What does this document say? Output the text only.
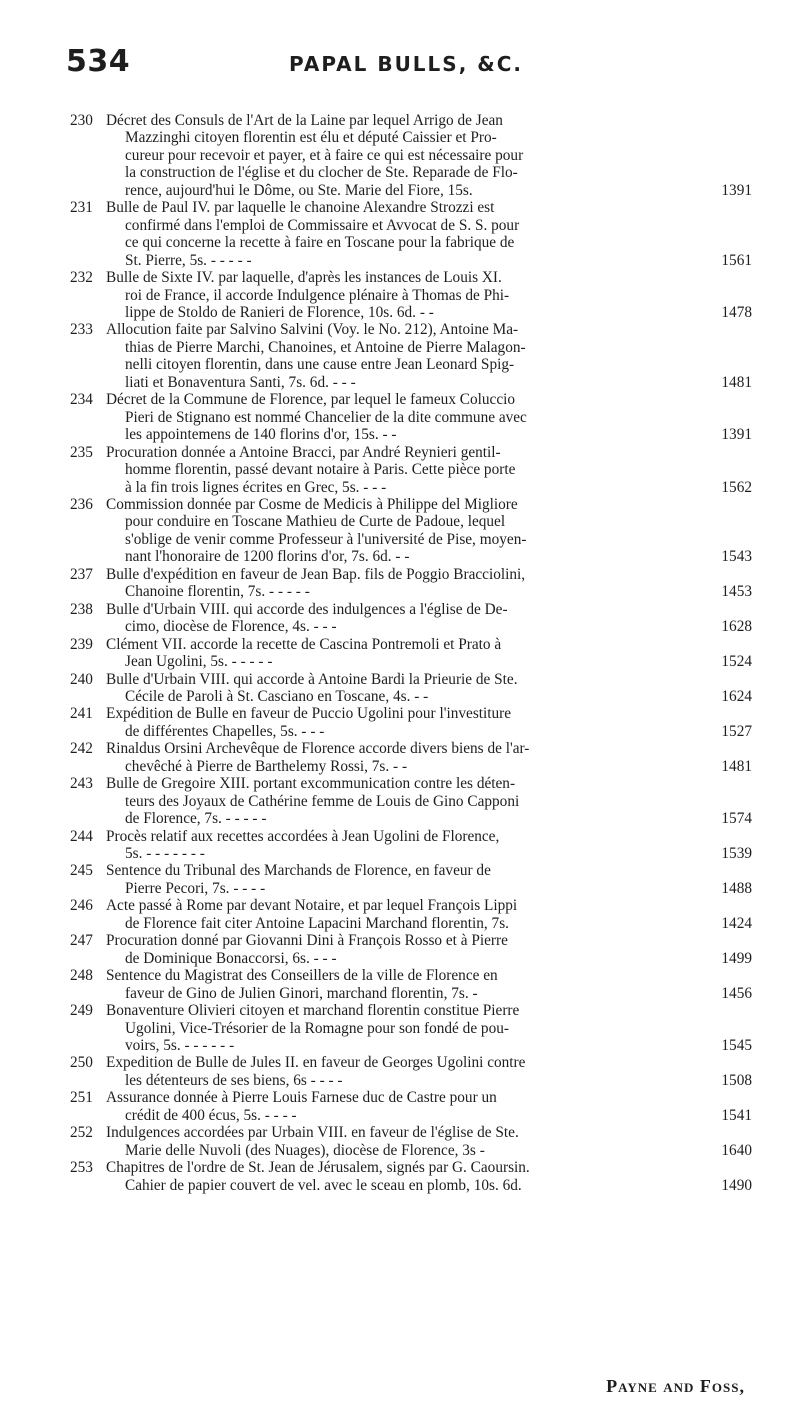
534	PAPAL BULLS, &C.
230 Décret des Consuls de l'Art de la Laine par lequel Arrigo de Jean
Mazzinghi citoyen florentin est élu et député Caissier et Pro-
cureur pour recevoir et payer, et à faire ce qui est nécessaire pour
la construction de l'église et du clocher de Ste. Reparade de Flo-
rence, aujourd'hui le Dôme, ou Ste. Marie del Fiore, 15s.	1391
231 Bulle de Paul IV. par laquelle le chanoine Alexandre Strozzi est
confirmé dans l'emploi de Commissaire et Avvocat de S. S. pour
ce qui concerne la recette à faire en Toscane pour la fabrique de
St. Pierre, 5s. - - - - -	1561
232 Bulle de Sixte IV. par laquelle, d'après les instances de Louis XI.
roi de France, il accorde Indulgence plénaire à Thomas de Phi-
lippe de Stoldo de Ranieri de Florence, 10s. 6d. - -	1478
233 Allocution faite par Salvino Salvini (Voy. le No. 212), Antoine Ma-
thias de Pierre Marchi, Chanoines, et Antoine de Pierre Malagon-
nelli citoyen florentin, dans une cause entre Jean Leonard Spig-
liati et Bonaventura Santi, 7s. 6d. - - -	1481
234 Décret de la Commune de Florence, par lequel le fameux Coluccio
Pieri de Stignano est nommé Chancelier de la dite commune avec
les appointemens de 140 florins d'or, 15s. - -	1391
235 Procuration donnée a Antoine Bracci, par André Reynieri gentil-
homme florentin, passé devant notaire à Paris. Cette pièce porte
à la fin trois lignes écrites en Grec, 5s. - - -	1562
236 Commission donnée par Cosme de Medicis à Philippe del Migliore
pour conduire en Toscane Mathieu de Curte de Padoue, lequel
s'oblige de venir comme Professeur à l'université de Pise, moyen-
nant l'honoraire de 1200 florins d'or, 7s. 6d. - -	1543
237 Bulle d'expédition en faveur de Jean Bap. fils de Poggio Bracciolini,
Chanoine florentin, 7s. - - - - -	1453
238 Bulle d'Urbain VIII. qui accorde des indulgences a l'église de De-
cimo, diocèse de Florence, 4s. - - -	1628
239 Clément VII. accorde la recette de Cascina Pontremoli et Prato à
Jean Ugolini, 5s. - - - - -	1524
240 Bulle d'Urbain VIII. qui accorde à Antoine Bardi la Prieurie de Ste.
Cécile de Paroli à St. Casciano en Toscane, 4s. - -	1624
241 Expédition de Bulle en faveur de Puccio Ugolini pour l'investiture
de différentes Chapelles, 5s. - - -	1527
242 Rinaldus Orsini Archevêque de Florence accorde divers biens de l'ar-
chevêché à Pierre de Barthelemy Rossi, 7s. - -	1481
243 Bulle de Gregoire XIII. portant excommunication contre les déten-
teurs des Joyaux de Cathérine femme de Louis de Gino Capponi
de Florence, 7s. - - - - -	1574
244 Procès relatif aux recettes accordées à Jean Ugolini de Florence,
5s. - - - - - - -	1539
245 Sentence du Tribunal des Marchands de Florence, en faveur de
Pierre Pecori, 7s. - - - -	1488
246 Acte passé à Rome par devant Notaire, et par lequel François Lippi
de Florence fait citer Antoine Lapacini Marchand florentin, 7s.	1424
247 Procuration donné par Giovanni Dini à François Rosso et à Pierre
de Dominique Bonaccorsi, 6s. - - -	1499
248 Sentence du Magistrat des Conseillers de la ville de Florence en
faveur de Gino de Julien Ginori, marchand florentin, 7s. -	1456
249 Bonaventure Olivieri citoyen et marchand florentin constitue Pierre
Ugolini, Vice-Trésorier de la Romagne pour son fondé de pou-
voirs, 5s. - - - - - -	1545
250 Expedition de Bulle de Jules II. en faveur de Georges Ugolini contre
les détenteurs de ses biens, 6s - - - -	1508
251 Assurance donnée à Pierre Louis Farnese duc de Castre pour un
crédit de 400 écus, 5s. - - - -	1541
252 Indulgences accordées par Urbain VIII. en faveur de l'église de Ste.
Marie delle Nuvoli (des Nuages), diocèse de Florence, 3s -	1640
253 Chapitres de l'ordre de St. Jean de Jérusalem, signés par G. Caoursin.
Cahier de papier couvert de vel. avec le sceau en plomb, 10s. 6d.	1490
Payne and Foss,
